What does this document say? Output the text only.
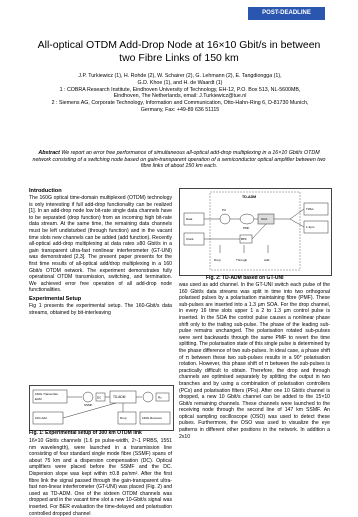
POST-DEADLINE
All-optical OTDM Add-Drop Node at 16×10 Gbit/s in between two Fibre Links of 150 km
J.P. Turkiewicz (1), H. Rohde (2), W. Schairer (2), G. Lehmann (2), E. Tangdiongga (1),
G.D. Khoe (1), and H. de Waardt (1)
1 : COBRA Research Institute, Eindhoven University of Technology, EH-12, P.O. Box 513, NL-5600MB,
Eindhoven, The Netherlands, email: J.Turkiewicz@tue.nl
2 : Siemens AG, Corporate Technology, Information and Communication, Otto-Hahn-Ring 6, D-81730 Munich,
Germany, Fax: +49-89 636 51115
Abstract We report an error free performance of simultaneous all-optical add-drop multiplexing in a 16×10 Gbit/s OTDM network consisting of a switching node based on gain-transparent operation of a semiconductor optical amplifier between two fibre links of about 150 km each.
Introduction

The 160G optical time-domain multiplexed (OTDM) technology is only interesting if full add-drop functionality can be realized [1]. In an add-drop node low bit-rate single data channels have to be separated (drop function) from an incoming high bit-rate data stream. At the same time, the remaining data channels must be left undisturbed (through function) and in the vacant time slots new channels can be added (add function). Recently all-optical add-drop multiplexing at data rates ≥80 Gbit/s in a gain transparent ultra-fast nonlinear interferometer (GT-UNI) was demonstrated [2,3]. The present paper presents for the first time results of all-optical add/drop multiplexing in a 160 Gbit/s OTDM network. The experiment demonstrates fully operational OTDM transmission, switching, and termination. We achieved error free operation of all add-drop node functionalities.

Experimental Setup

Fig 1 presents the experimental setup. The 160-Gbit/s data streams, obtained by bit-interleaving

160G Transmitter
EAM
SSMF
DC	TD-ADM	Rx
10G Add	Drop	160G Receiver
Fig. 1: Experimental setup of 300 km OTDM link

16×10 Gbit/s channels (1.6 ps pulse-width, 2⁷-1 PRBS, 1551 nm wavelength), were launched in a transmission line consisting of four standard single mode fibre (SSMF) spans of about 75 km and a dispersion compensation (DC). Optical amplifiers were placed before the SSMF and the DC. Dispersion slope was kept within ±0.8 ps/nm². After the first fibre link the signal passed through the gain-transparent ultra-fast non-linear interferometer (GT-UNI) was placed (Fig. 2) and used as TD-ADM. One of the sixteen OTDM channels was dropped and in the vacant time slot a new 10-Gbit/s signal was inserted. For BER evaluation the time-delayed and polarisation controlled dropped channel

TD-ADM
Data
Clock
PC
PMF
SOA
BPF
TWLL
1.3µm
Drop	Through	Add
Fig. 2: TD-ADM based on GT-UNI

was used as add channel. In the GT-UNI switch each pulse of the 160 Gbit/s data streams was split in time into two orthogonal polarised pulses by a polarisation maintaining fibre (PMF). These sub-pulses are inserted into a 1.3 µm SOA. For the drop channel, in every 16 time slots upper 1 a 2 to 1.3 µm control pulse is inserted. In the SOA the control pulse causes a nonlinear phase shift only to the trailing sub-pulse. The phase of the leading sub-pulse remains unchanged. The polarisation rotated sub-pulses were sent backwards through the same PMF to revert the time splitting. The polarisation state of this single pulse is determined by the phase difference of two sub-pulses. In ideal case, a phase shift of π between these two sub-pulses results in a 90° polarisation rotation. However, this phase shift of π between the sub-pulses is practically difficult to obtain. Therefore, the drop and through channels are optimised separately by splitting the output in two branches and by using a combination of polarisation controllers (PCs) and polarisation filters (PFs). After one 10 Gbit/s channel is dropped, a new 10 Gbit/s channel can be added to the 15×10 Gbit/s remaining channels. These channels were launched to the receiving node through the second line of 147 km SSMF. An optical sampling oscilloscope (OSO) was used to detect these pulses. Furthermore, the OSO was used to visualize the eye patterns in different other positions in the network. In addition a 2x10
